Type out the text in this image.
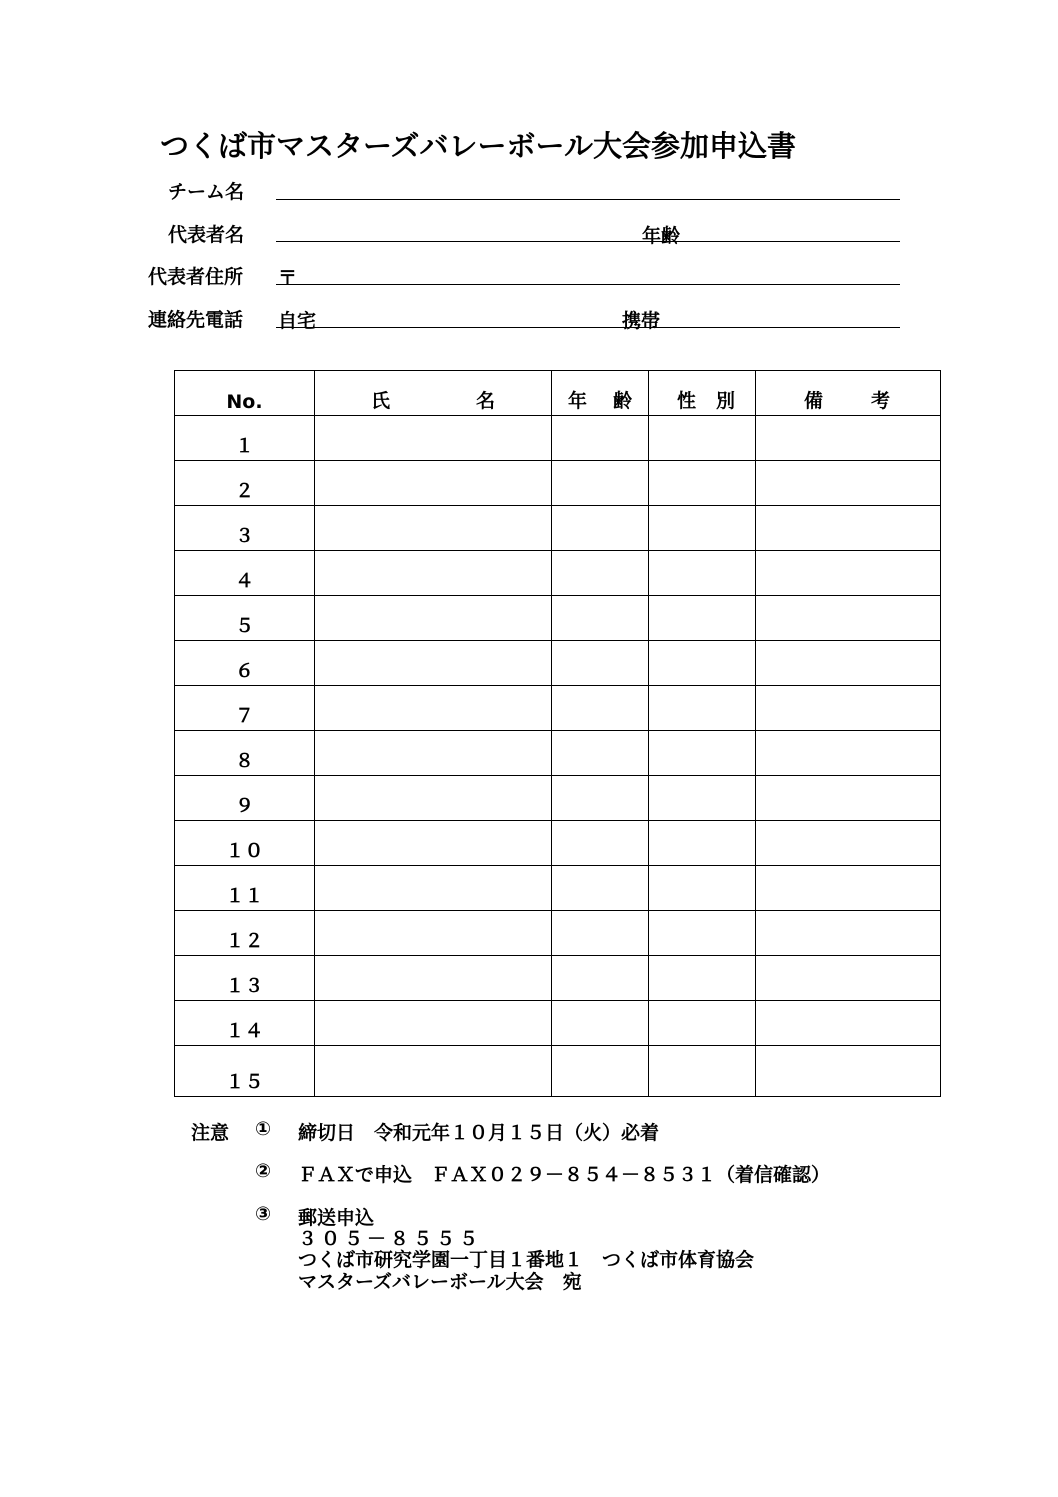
つくば市マスターズバレーボール大会参加申込書
チーム名
代表者名	年齢
代表者住所 〒
連絡先電話 自宅	携帯
No.	氏 名	年 齢	性 別	備 考

１				
２				
３				
４				
５				
６				
７				
８				
９				
１０				
１１				
１２				
１３				
１４				
１５				
注意 ① 締切日　令和元年１０月１５日（火）必着
② ＦＡＸで申込　ＦＡＸ０２９－８５４－８５３１（着信確認）
③ 郵送申込
３０５－８５５５
つくば市研究学園一丁目１番地１　つくば市体育協会
マスターズバレーボール大会　宛
